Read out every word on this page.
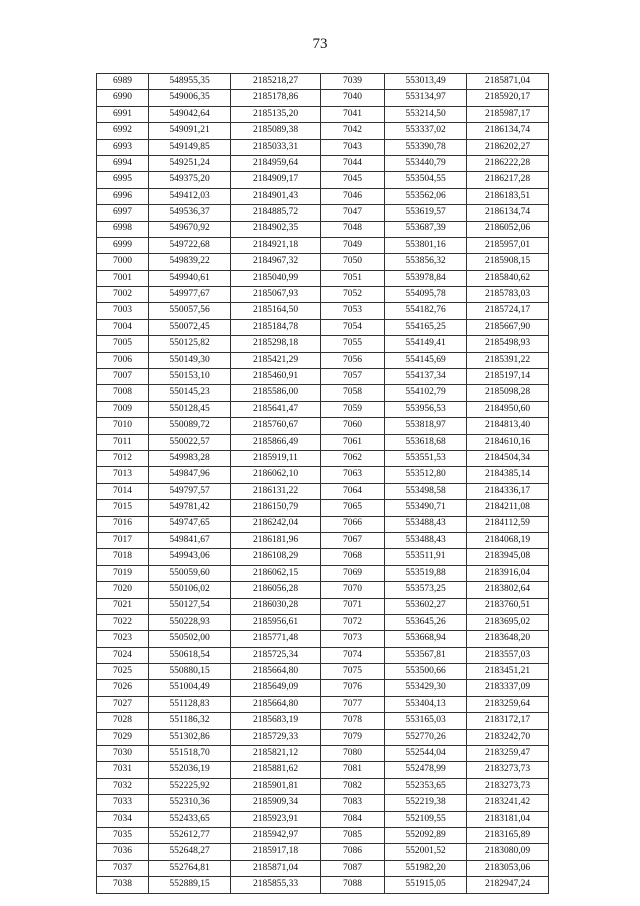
73
6989	548955,35	2185218,27	7039	553013,49	2185871,04
6990	549006,35	2185178,86	7040	553134,97	2185920,17
6991	549042,64	2185135,20	7041	553214,50	2185987,17
6992	549091,21	2185089,38	7042	553337,02	2186134,74
6993	549149,85	2185033,31	7043	553390,78	2186202,27
6994	549251,24	2184959,64	7044	553440,79	2186222,28
6995	549375,20	2184909,17	7045	553504,55	2186217,28
6996	549412,03	2184901,43	7046	553562,06	2186183,51
6997	549536,37	2184885,72	7047	553619,57	2186134,74
6998	549670,92	2184902,35	7048	553687,39	2186052,06
6999	549722,68	2184921,18	7049	553801,16	2185957,01
7000	549839,22	2184967,32	7050	553856,32	2185908,15
7001	549940,61	2185040,99	7051	553978,84	2185840,62
7002	549977,67	2185067,93	7052	554095,78	2185783,03
7003	550057,56	2185164,50	7053	554182,76	2185724,17
7004	550072,45	2185184,78	7054	554165,25	2185667,90
7005	550125,82	2185298,18	7055	554149,41	2185498,93
7006	550149,30	2185421,29	7056	554145,69	2185391,22
7007	550153,10	2185460,91	7057	554137,34	2185197,14
7008	550145,23	2185586,00	7058	554102,79	2185098,28
7009	550128,45	2185641,47	7059	553956,53	2184950,60
7010	550089,72	2185760,67	7060	553818,97	2184813,40
7011	550022,57	2185866,49	7061	553618,68	2184610,16
7012	549983,28	2185919,11	7062	553551,53	2184504,34
7013	549847,96	2186062,10	7063	553512,80	2184385,14
7014	549797,57	2186131,22	7064	553498,58	2184336,17
7015	549781,42	2186150,79	7065	553490,71	2184211,08
7016	549747,65	2186242,04	7066	553488,43	2184112,59
7017	549841,67	2186181,96	7067	553488,43	2184068,19
7018	549943,06	2186108,29	7068	553511,91	2183945,08
7019	550059,60	2186062,15	7069	553519,88	2183916,04
7020	550106,02	2186056,28	7070	553573,25	2183802,64
7021	550127,54	2186030,28	7071	553602,27	2183760,51
7022	550228,93	2185956,61	7072	553645,26	2183695,02
7023	550502,00	2185771,48	7073	553668,94	2183648,20
7024	550618,54	2185725,34	7074	553567,81	2183557,03
7025	550880,15	2185664,80	7075	553500,66	2183451,21
7026	551004,49	2185649,09	7076	553429,30	2183337,09
7027	551128,83	2185664,80	7077	553404,13	2183259,64
7028	551186,32	2185683,19	7078	553165,03	2183172,17
7029	551302,86	2185729,33	7079	552770,26	2183242,70
7030	551518,70	2185821,12	7080	552544,04	2183259,47
7031	552036,19	2185881,62	7081	552478,99	2183273,73
7032	552225,92	2185901,81	7082	552353,65	2183273,73
7033	552310,36	2185909,34	7083	552219,38	2183241,42
7034	552433,65	2185923,91	7084	552109,55	2183181,04
7035	552612,77	2185942,97	7085	552092,89	2183165,89
7036	552648,27	2185917,18	7086	552001,52	2183080,09
7037	552764,81	2185871,04	7087	551982,20	2183053,06
7038	552889,15	2185855,33	7088	551915,05	2182947,24
